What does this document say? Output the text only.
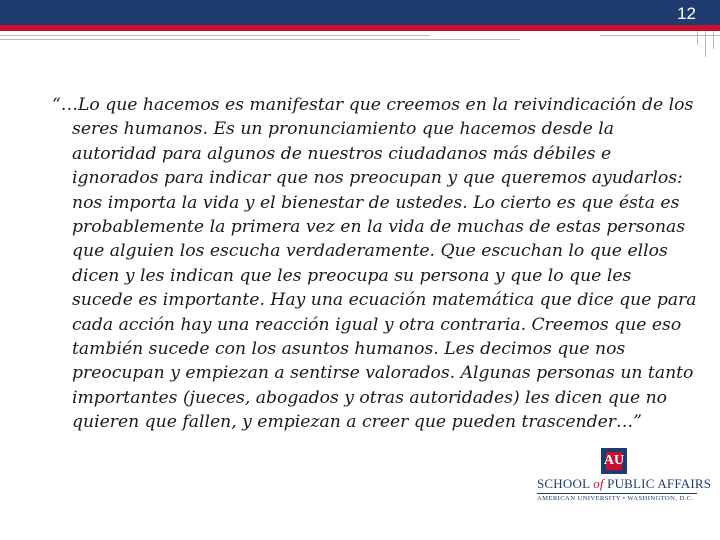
12
“…Lo que hacemos es manifestar que creemos en la reivindicación de los seres humanos. Es un pronunciamiento que hacemos desde la autoridad para algunos de nuestros ciudadanos más débiles e ignorados para indicar que nos preocupan y que queremos ayudarlos: nos importa la vida y el bienestar de ustedes. Lo cierto es que ésta es probablemente la primera vez en la vida de muchas de estas personas que alguien los escucha verdaderamente. Que escuchan lo que ellos dicen y les indican que les preocupa su persona y que lo que les sucede es importante. Hay una ecuación matemática que dice que para cada acción hay una reacción igual y otra contraria. Creemos que eso también sucede con los asuntos humanos. Les decimos que nos preocupan y empiezan a sentirse valorados. Algunas personas un tanto importantes (jueces, abogados y otras autoridades) les dicen que no quieren que fallen, y empiezan a creer que pueden trascender…”
AU
SCHOOL of PUBLIC AFFAIRS
AMERICAN UNIVERSITY • WASHINGTON, D.C.
